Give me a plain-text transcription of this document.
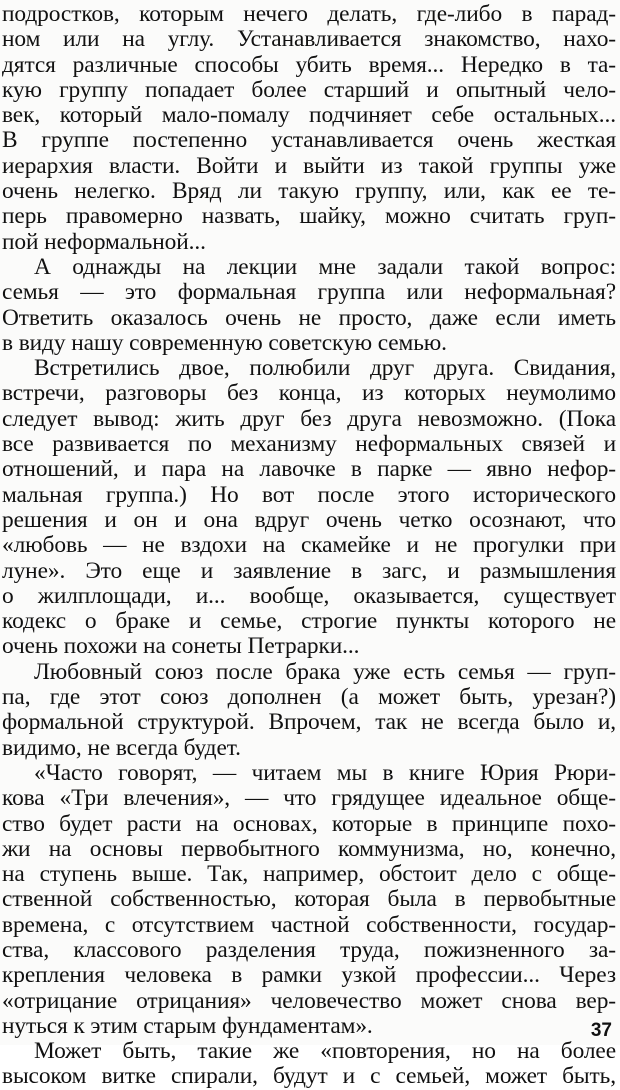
подростков, которым нечего делать, где-либо в парад-
ном или на углу. Устанавливается знакомство, нахо-
дятся различные способы убить время... Нередко в та-
кую группу попадает более старший и опытный чело-
век, который мало-помалу подчиняет себе остальных...
В группе постепенно устанавливается очень жесткая
иерархия власти. Войти и выйти из такой группы уже
очень нелегко. Вряд ли такую группу, или, как ее те-
перь правомерно назвать, шайку, можно считать груп-
пой неформальной...
А однажды на лекции мне задали такой вопрос:
семья — это формальная группа или неформальная?
Ответить оказалось очень не просто, даже если иметь
в виду нашу современную советскую семью.
Встретились двое, полюбили друг друга. Свидания,
встречи, разговоры без конца, из которых неумолимо
следует вывод: жить друг без друга невозможно. (Пока
все развивается по механизму неформальных связей и
отношений, и пара на лавочке в парке — явно нефор-
мальная группа.) Но вот после этого исторического
решения и он и она вдруг очень четко осознают, что
«любовь — не вздохи на скамейке и не прогулки при
луне». Это еще и заявление в загс, и размышления
о жилплощади, и... вообще, оказывается, существует
кодекс о браке и семье, строгие пункты которого не
очень похожи на сонеты Петрарки...
Любовный союз после брака уже есть семья — груп-
па, где этот союз дополнен (а может быть, урезан?)
формальной структурой. Впрочем, так не всегда было и,
видимо, не всегда будет.
«Часто говорят, — читаем мы в книге Юрия Рюри-
кова «Три влечения», — что грядущее идеальное обще-
ство будет расти на основах, которые в принципе похо-
жи на основы первобытного коммунизма, но, конечно,
на ступень выше. Так, например, обстоит дело с обще-
ственной собственностью, которая была в первобытные
времена, с отсутствием частной собственности, государ-
ства, классового разделения труда, пожизненного за-
крепления человека в рамки узкой профессии... Через
«отрицание отрицания» человечество может снова вер-
нуться к этим старым фундаментам».
Может быть, такие же «повторения, но на более
высоком витке спирали, будут и с семьей, может быть,
37
